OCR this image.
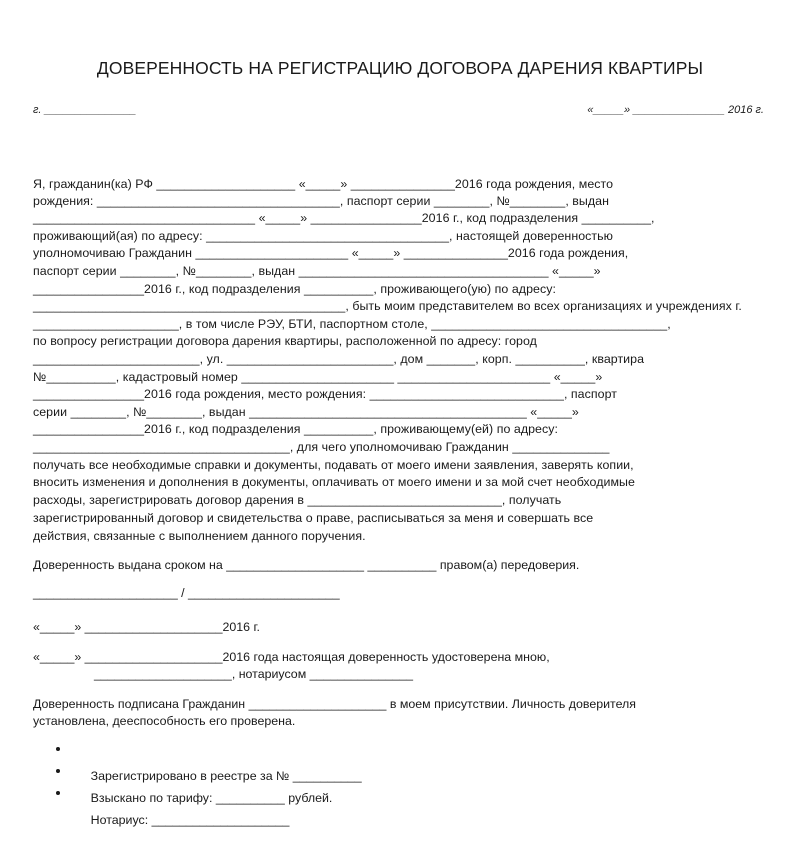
ДОВЕРЕННОСТЬ НА РЕГИСТРАЦИЮ ДОГОВОРА ДАРЕНИЯ КВАРТИРЫ
г. _______________	«_____» _______________ 2016 г.
Я, гражданин(ка) РФ ____________________ «_____» _______________2016 года рождения, место
рождения: ___________________________________, паспорт серии ________, №________, выдан
________________________________ «_____» ________________2016 г., код подразделения __________,
проживающий(ая) по адресу: ___________________________________, настоящей доверенностью
уполномочиваю Гражданин ______________________ «_____» _______________2016 года рождения,
паспорт серии ________, №________, выдан ____________________________________ «_____»
________________2016 г., код подразделения __________, проживающего(ую) по адресу:
_____________________________________________, быть моим представителем во всех организациях и учреждениях г.
_____________________, в том числе РЭУ, БТИ, паспортном столе, __________________________________,
по вопросу регистрации договора дарения квартиры, расположенной по адресу: город
________________________, ул. ________________________, дом _______, корп. __________, квартира
№__________, кадастровый номер ______________________ ______________________ «_____»
________________2016 года рождения, место рождения: ____________________________, паспорт
серии ________, №________, выдан ________________________________________ «_____»
________________2016 г., код подразделения __________, проживающему(ей) по адресу:
_____________________________________, для чего уполномочиваю Гражданин ______________
получать все необходимые справки и документы, подавать от моего имени заявления, заверять копии,
вносить изменения и дополнения в документы, оплачивать от моего имени и за мой счет необходимые
расходы, зарегистрировать договор дарения в ____________________________, получать
зарегистрированный договор и свидетельства о праве, расписываться за меня и совершать все
действия, связанные с выполнением данного поручения.
Доверенность выдана сроком на ____________________ __________ правом(а) передоверия.
_____________________ / ______________________
«_____» ____________________2016 г.
«_____» ____________________2016 года настоящая доверенность удостоверена мною,
____________________, нотариусом _______________
Доверенность подписана Гражданин ____________________ в моем присутствии. Личность доверителя
установлена, дееспособность его проверена.

Зарегистрировано в реестре за № __________

Взыскано по тарифу: __________ рублей.

Нотариус: ____________________
